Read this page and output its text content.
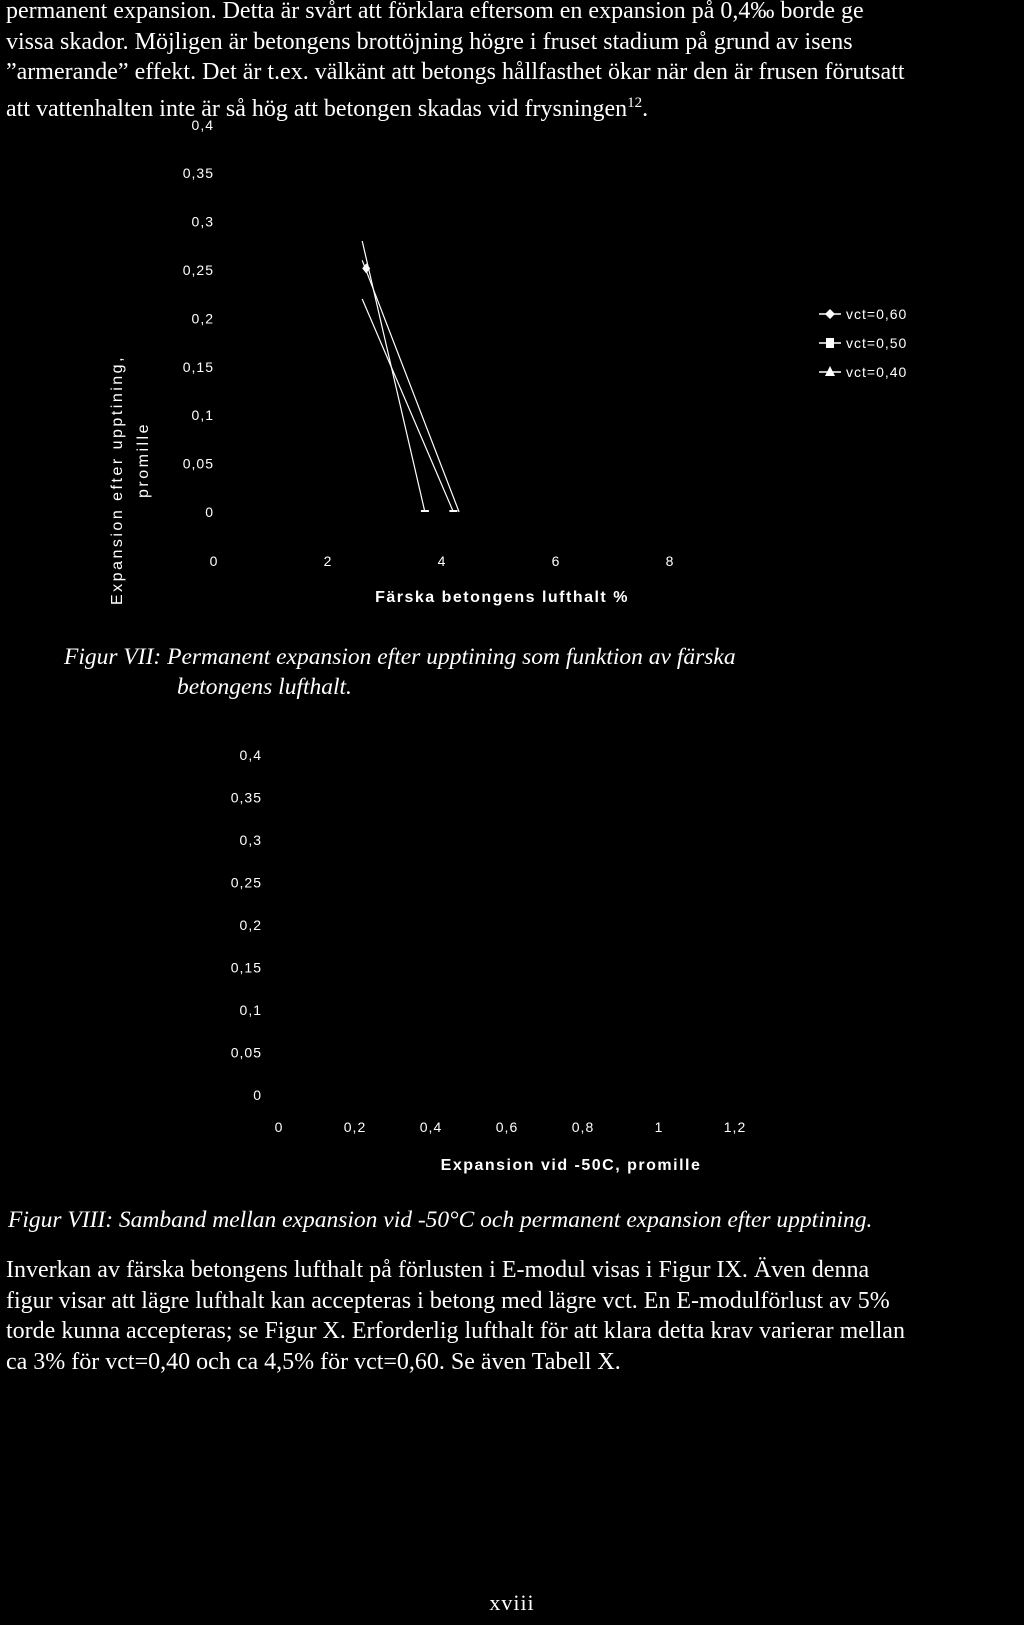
permanent expansion. Detta är svårt att förklara eftersom en expansion på 0,4‰ borde ge
vissa skador. Möjligen är betongens brottöjning högre i fruset stadium på grund av isens
”armerande” effekt. Det är t.ex. välkänt att betongs hållfasthet ökar när den är frusen förutsatt
att vattenhalten inte är så hög att betongen skadas vid frysningen$^{12}$.
0
0,05
0,1
0,15
0,2
0,25
0,3
0,35
0,4
0	2	4	6	8
Expansion efter upptining, promille
Färska betongens lufthalt %
vct=0,60
vct=0,50
vct=0,40
Figur VII: Permanent expansion efter upptining som funktion av färska
betongens lufthalt.
0
0,05
0,1
0,15
0,2
0,25
0,3
0,35
0,4
0	0,2	0,4	0,6	0,8	1	1,2
Expansion vid -50C, promille
Figur VIII: Samband mellan expansion vid -50°C och permanent expansion efter upptining.
Inverkan av färska betongens lufthalt på förlusten i E-modul visas i Figur IX. Även denna
figur visar att lägre lufthalt kan accepteras i betong med lägre vct. En E-modulförlust av 5%
torde kunna accepteras; se Figur X. Erforderlig lufthalt för att klara detta krav varierar mellan
ca 3% för vct=0,40 och ca 4,5% för vct=0,60. Se även Tabell X.
xviii
